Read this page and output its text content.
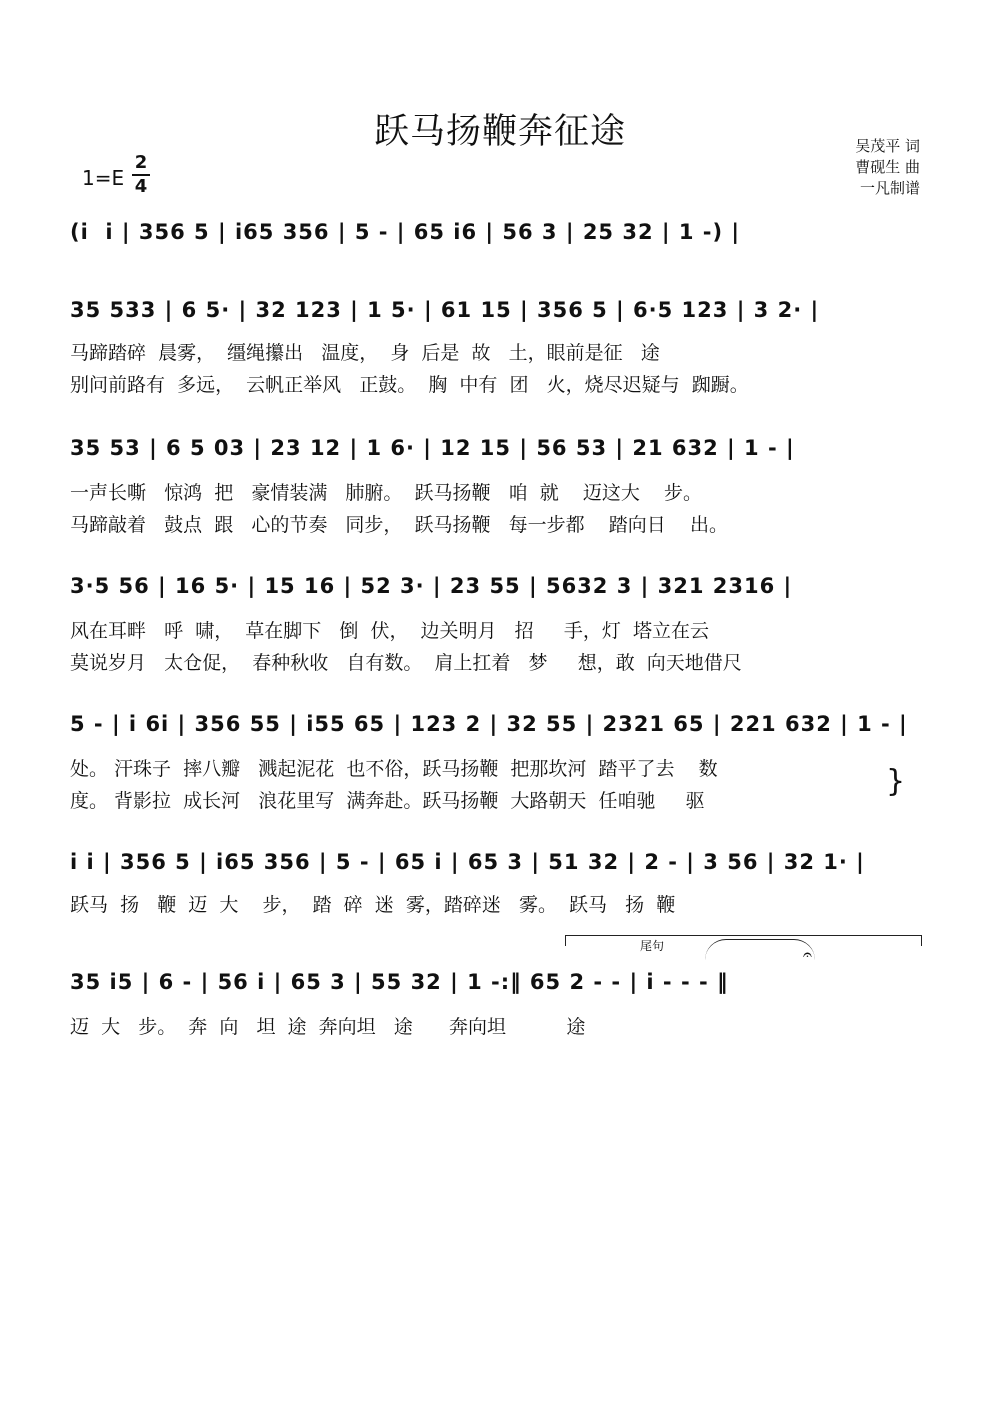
跃马扬鞭奔征途
$1=E \frac{2}{4}$
吴茂平 词
曹砚生 曲
一凡制谱
(i  i | 356 5 | i65 356 | 5 - | 65 i6 | 56 3 | 25 32 | 1 -) |
35 533 | 6 5· | 32 123 | 1 5· | 61 15 | 356 5 | 6·5 123 | 3 2· |
马蹄踏碎  晨雾，  缰绳攥出   温度，  身  后是  故   土，眼前是征   途
别问前路有  多远，  云帆正举风   正鼓。  胸  中有  团   火，烧尽迟疑与  踟蹰。
35 53 | 6 5 03 | 23 12 | 1 6· | 12 15 | 56 53 | 21 632 | 1 - |
一声长嘶   惊鸿  把   豪情装满   肺腑。  跃马扬鞭   咱  就    迈这大    步。
马蹄敲着   鼓点  跟   心的节奏   同步，  跃马扬鞭   每一步都    踏向日    出。
3·5 56 | 16 5· | 15 16 | 52 3· | 23 55 | 5632 3 | 321 2316 |
风在耳畔   呼  啸，  草在脚下   倒  伏，  边关明月   招     手，灯  塔立在云
莫说岁月   太仓促，  春种秋收   自有数。  肩上扛着   梦     想，敢  向天地借尺
5 - | i 6i | 356 55 | i55 65 | 123 2 | 32 55 | 2321 65 | 221 632 | 1 - |
处。 汗珠子  摔八瓣   溅起泥花  也不俗，跃马扬鞭  把那坎河  踏平了去    数
度。 背影拉  成长河   浪花里写  满奔赴。跃马扬鞭  大路朝天  任咱驰     驱
}
i i | 356 5 | i65 356 | 5 - | 65 i | 65 3 | 51 32 | 2 - | 3 56 | 32 1· |
跃马  扬   鞭  迈  大    步，  踏  碎  迷  雾，踏碎迷   雾。  跃马   扬  鞭
尾句	𝄐
35 i5 | 6 - | 56 i | 65 3 | 55 32 | 1 -:‖ 65 2 - - | i - - - ‖
迈  大   步。  奔  向   坦  途  奔向坦   途      奔向坦          途
